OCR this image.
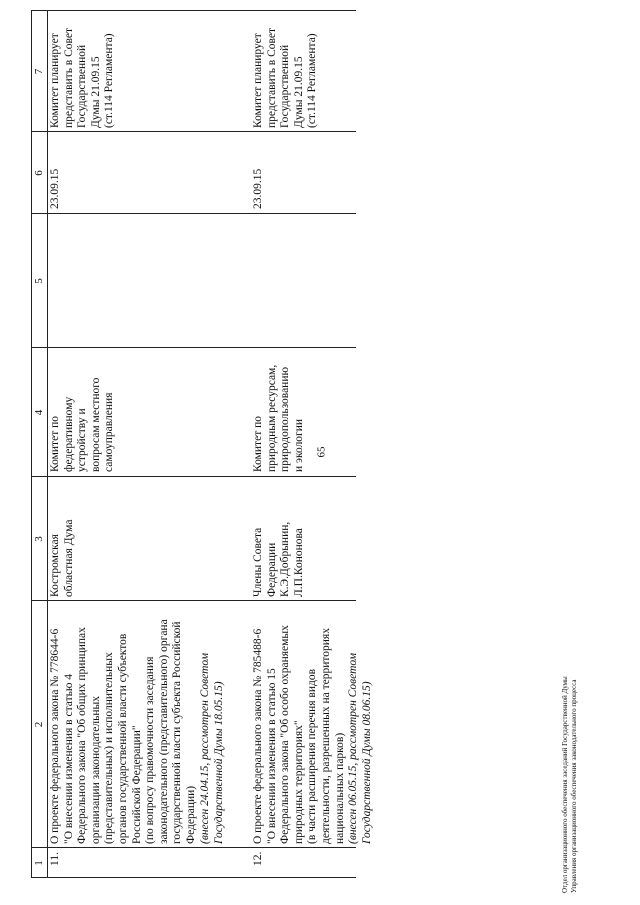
65
1
2
3
4
5
6
7
11.
О проекте федерального закона № 778644-6
"О внесении изменения в статью 4
Федерального закона "Об общих принципах
организации законодательных
(представительных) и исполнительных
органов государственной власти субъектов
Российской Федерации"
(по вопросу правомочности заседания
законодательного (представительного) органа
государственной власти субъекта Российской
Федерации) (внесен 24.04.15, рассмотрен Советом
Государственной Думы 18.05.15)
Костромская
областная Дума
Комитет по
федеративному
устройству и
вопросам местного
самоуправления
23.09.15
Комитет планирует
представить в Совет
Государственной
Думы 21.09.15
(ст.114 Регламента)
12.
О проекте федерального закона № 785488-6
"О внесении изменения в статью 15
Федерального закона "Об особо охраняемых
природных территориях"
(в части расширения перечня видов
деятельности, разрешенных на территориях
национальных парков)
(внесен 06.05.15, рассмотрен Советом
Государственной Думы 08.06.15)
Члены Совета
Федерации
К.Э.Добрынин,
Л.П.Кононова
Комитет по
природным ресурсам,
природопользованию
и экологии
23.09.15
Комитет планирует
представить в Совет
Государственной
Думы 21.09.15
(ст.114 Регламента)
Отдел организационного обеспечения заседаний Государственной Думы Управления организационного обеспечения законодательного процесса
